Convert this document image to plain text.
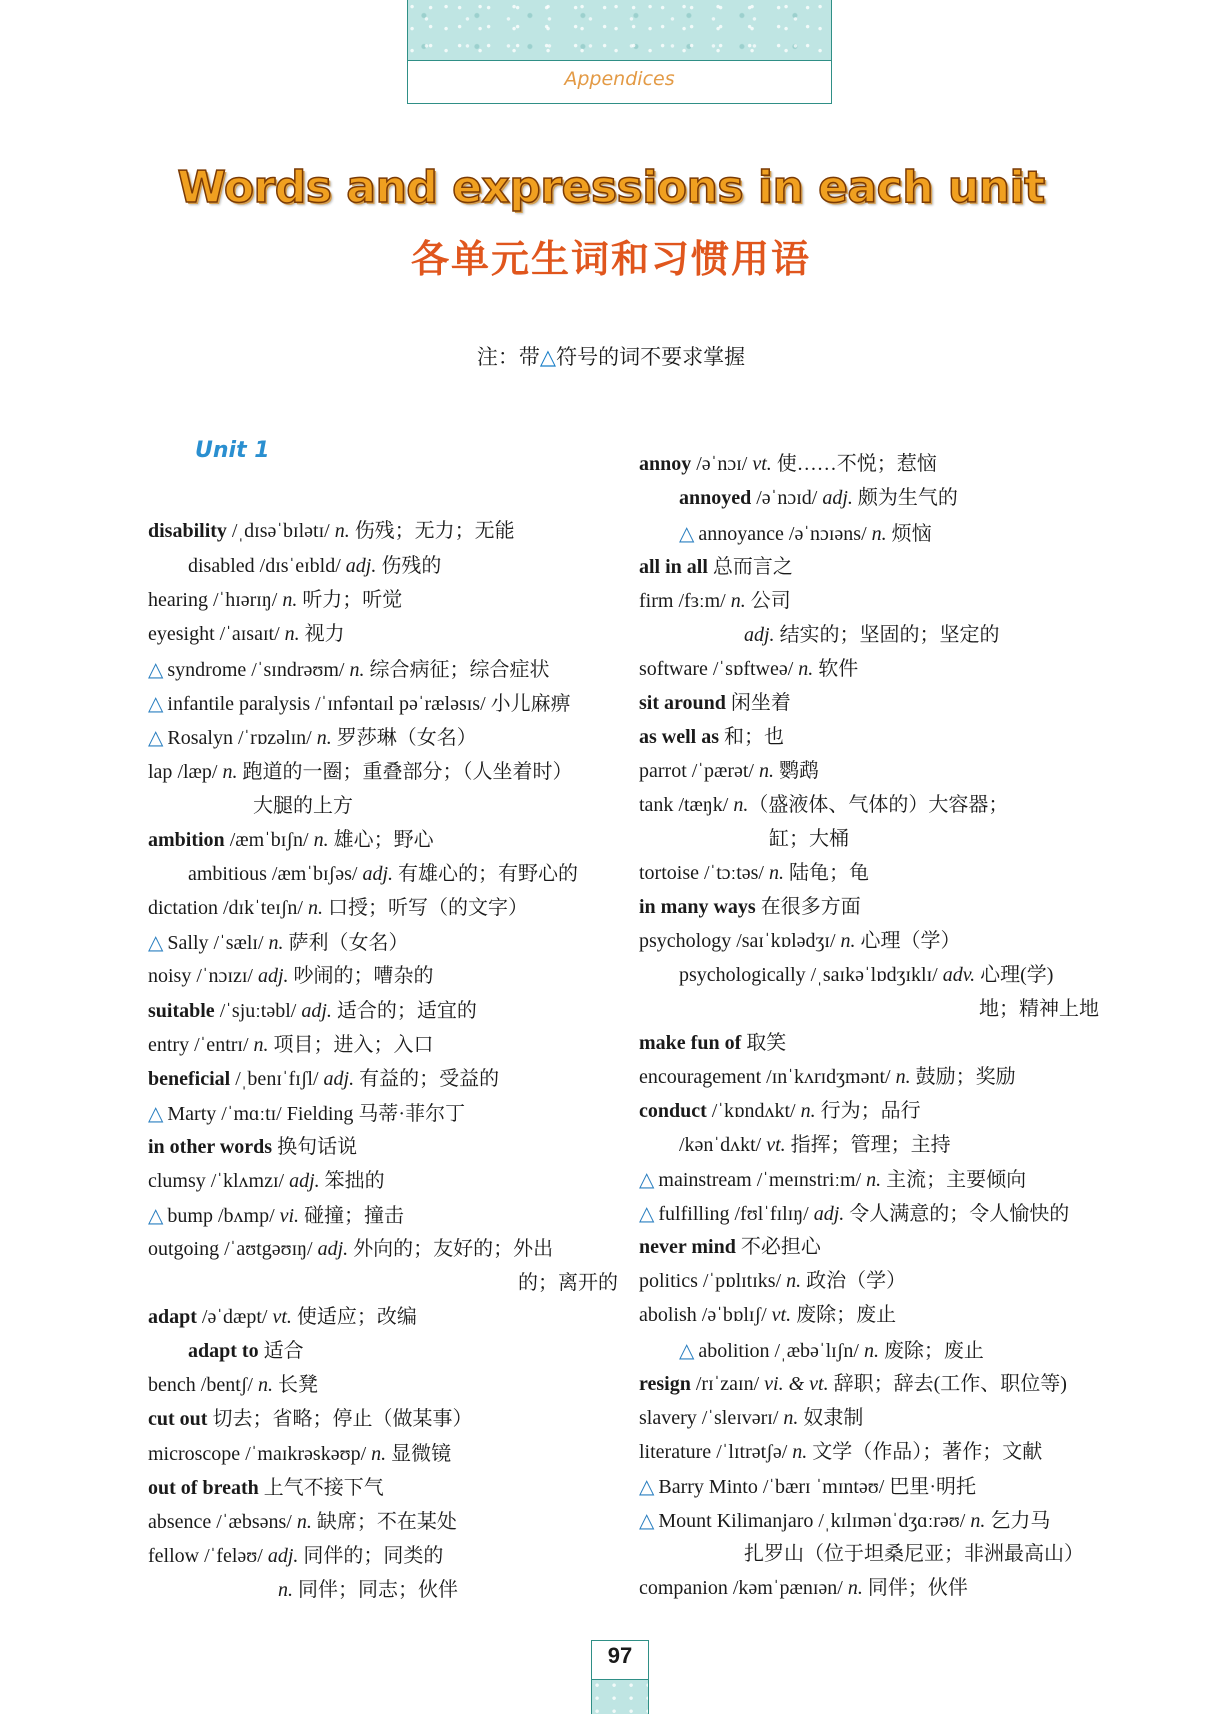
Appendices
Words and expressions in each unit
各单元生词和习惯用语
注：带△符号的词不要求掌握
Unit 1
disability /ˌdɪsəˈbɪlətɪ/ n. 伤残；无力；无能
disabled /dɪsˈeɪbld/ adj. 伤残的
hearing /ˈhɪərɪŋ/ n. 听力；听觉
eyesight /ˈaɪsaɪt/ n. 视力
△ syndrome /ˈsɪndrəʊm/ n. 综合病征；综合症状
△ infantile paralysis /ˈɪnfəntaɪl pəˈræləsɪs/ 小儿麻痹
△ Rosalyn /ˈrɒzəlɪn/ n. 罗莎琳（女名）
lap /læp/ n. 跑道的一圈；重叠部分；（人坐着时）
大腿的上方
ambition /æmˈbɪʃn/ n. 雄心；野心
ambitious /æmˈbɪʃəs/ adj. 有雄心的；有野心的
dictation /dɪkˈteɪʃn/ n. 口授；听写（的文字）
△ Sally /ˈsælɪ/ n. 萨利（女名）
noisy /ˈnɔɪzɪ/ adj. 吵闹的；嘈杂的
suitable /ˈsjuːtəbl/ adj. 适合的；适宜的
entry /ˈentrɪ/ n. 项目；进入；入口
beneficial /ˌbenɪˈfɪʃl/ adj. 有益的；受益的
△ Marty /ˈmɑːtɪ/ Fielding 马蒂·菲尔丁
in other words 换句话说
clumsy /ˈklʌmzɪ/ adj. 笨拙的
△ bump /bʌmp/ vi. 碰撞；撞击
outgoing /ˈaʊtgəʊɪŋ/ adj. 外向的；友好的；外出
的；离开的
adapt /əˈdæpt/ vt. 使适应；改编
adapt to 适合
bench /bentʃ/ n. 长凳
cut out 切去；省略；停止（做某事）
microscope /ˈmaɪkrəskəʊp/ n. 显微镜
out of breath 上气不接下气
absence /ˈæbsəns/ n. 缺席；不在某处
fellow /ˈfeləʊ/ adj. 同伴的；同类的
n. 同伴；同志；伙伴
annoy /əˈnɔɪ/ vt. 使……不悦；惹恼
annoyed /əˈnɔɪd/ adj. 颇为生气的
△ annoyance /əˈnɔɪəns/ n. 烦恼
all in all 总而言之
firm /fɜːm/ n. 公司
adj. 结实的；坚固的；坚定的
software /ˈsɒftweə/ n. 软件
sit around 闲坐着
as well as 和；也
parrot /ˈpærət/ n. 鹦鹉
tank /tæŋk/ n.（盛液体、气体的）大容器；
缸；大桶
tortoise /ˈtɔːtəs/ n. 陆龟；龟
in many ways 在很多方面
psychology /saɪˈkɒlədʒɪ/ n. 心理（学）
psychologically /ˌsaɪkəˈlɒdʒɪklɪ/ adv. 心理(学)
地；精神上地
make fun of 取笑
encouragement /ɪnˈkʌrɪdʒmənt/ n. 鼓励；奖励
conduct /ˈkɒndʌkt/ n. 行为；品行
/kənˈdʌkt/ vt. 指挥；管理；主持
△ mainstream /ˈmeɪnstriːm/ n. 主流；主要倾向
△ fulfilling /fʊlˈfɪlɪŋ/ adj. 令人满意的；令人愉快的
never mind 不必担心
politics /ˈpɒlɪtɪks/ n. 政治（学）
abolish /əˈbɒlɪʃ/ vt. 废除；废止
△ abolition /ˌæbəˈlɪʃn/ n. 废除；废止
resign /rɪˈzaɪn/ vi. & vt. 辞职；辞去(工作、职位等)
slavery /ˈsleɪvərɪ/ n. 奴隶制
literature /ˈlɪtrətʃə/ n. 文学（作品）；著作；文献
△ Barry Minto /ˈbærɪ ˈmɪntəʊ/ 巴里·明托
△ Mount Kilimanjaro /ˌkɪlɪmənˈdʒɑːrəʊ/ n. 乞力马
扎罗山（位于坦桑尼亚；非洲最高山）
companion /kəmˈpænɪən/ n. 同伴；伙伴
97
